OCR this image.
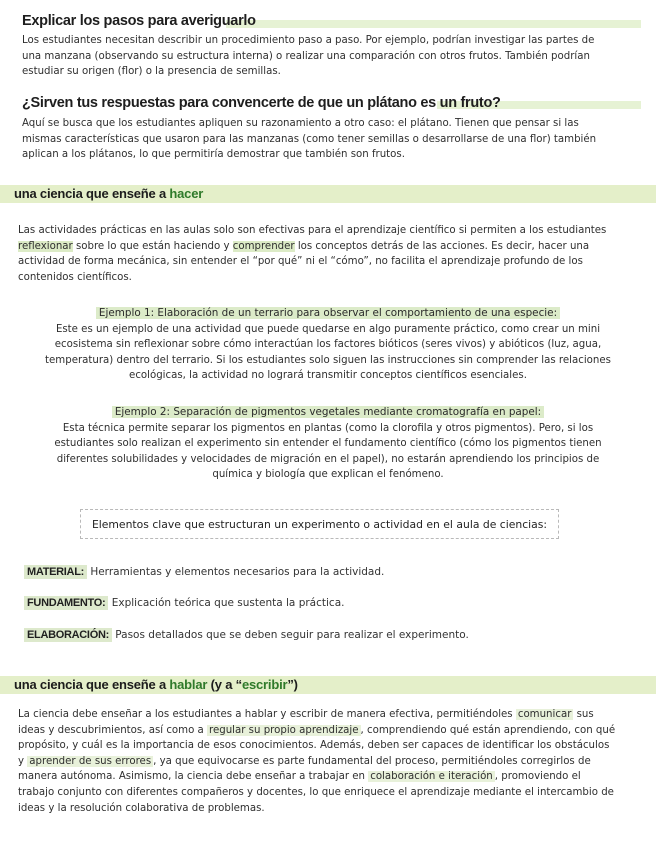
Explicar los pasos para averiguarlo
Los estudiantes necesitan describir un procedimiento paso a paso. Por ejemplo, podrían investigar las partes de una manzana (observando su estructura interna) o realizar una comparación con otros frutos. También podrían estudiar su origen (flor) o la presencia de semillas.
¿Sirven tus respuestas para convencerte de que un plátano es un fruto?
Aquí se busca que los estudiantes apliquen su razonamiento a otro caso: el plátano. Tienen que pensar si las mismas características que usaron para las manzanas (como tener semillas o desarrollarse de una flor) también aplican a los plátanos, lo que permitiría demostrar que también son frutos.
una ciencia que enseñe a hacer
Las actividades prácticas en las aulas solo son efectivas para el aprendizaje científico si permiten a los estudiantes reflexionar sobre lo que están haciendo y comprender los conceptos detrás de las acciones. Es decir, hacer una actividad de forma mecánica, sin entender el “por qué” ni el “cómo”, no facilita el aprendizaje profundo de los contenidos científicos.
Ejemplo 1: Elaboración de un terrario para observar el comportamiento de una especie:
Este es un ejemplo de una actividad que puede quedarse en algo puramente práctico, como crear un mini ecosistema sin reflexionar sobre cómo interactúan los factores bióticos (seres vivos) y abióticos (luz, agua, temperatura) dentro del terrario. Si los estudiantes solo siguen las instrucciones sin comprender las relaciones ecológicas, la actividad no logrará transmitir conceptos científicos esenciales.
Ejemplo 2: Separación de pigmentos vegetales mediante cromatografía en papel:
Esta técnica permite separar los pigmentos en plantas (como la clorofila y otros pigmentos). Pero, si los estudiantes solo realizan el experimento sin entender el fundamento científico (cómo los pigmentos tienen diferentes solubilidades y velocidades de migración en el papel), no estarán aprendiendo los principios de química y biología que explican el fenómeno.
Elementos clave que estructuran un experimento o actividad en el aula de ciencias:
MATERIAL: Herramientas y elementos necesarios para la actividad.
FUNDAMENTO: Explicación teórica que sustenta la práctica.
ELABORACIÓN: Pasos detallados que se deben seguir para realizar el experimento.
una ciencia que enseñe a hablar (y a “escribir”)
La ciencia debe enseñar a los estudiantes a hablar y escribir de manera efectiva, permitiéndoles comunicar sus ideas y descubrimientos, así como a regular su propio aprendizaje , comprendiendo qué están aprendiendo, con qué propósito, y cuál es la importancia de esos conocimientos. Además, deben ser capaces de identificar los obstáculos y aprender de sus errores , ya que equivocarse es parte fundamental del proceso, permitiéndoles corregirlos de manera autónoma. Asimismo, la ciencia debe enseñar a trabajar en colaboración e iteración , promoviendo el trabajo conjunto con diferentes compañeros y docentes, lo que enriquece el aprendizaje mediante el intercambio de ideas y la resolución colaborativa de problemas.
